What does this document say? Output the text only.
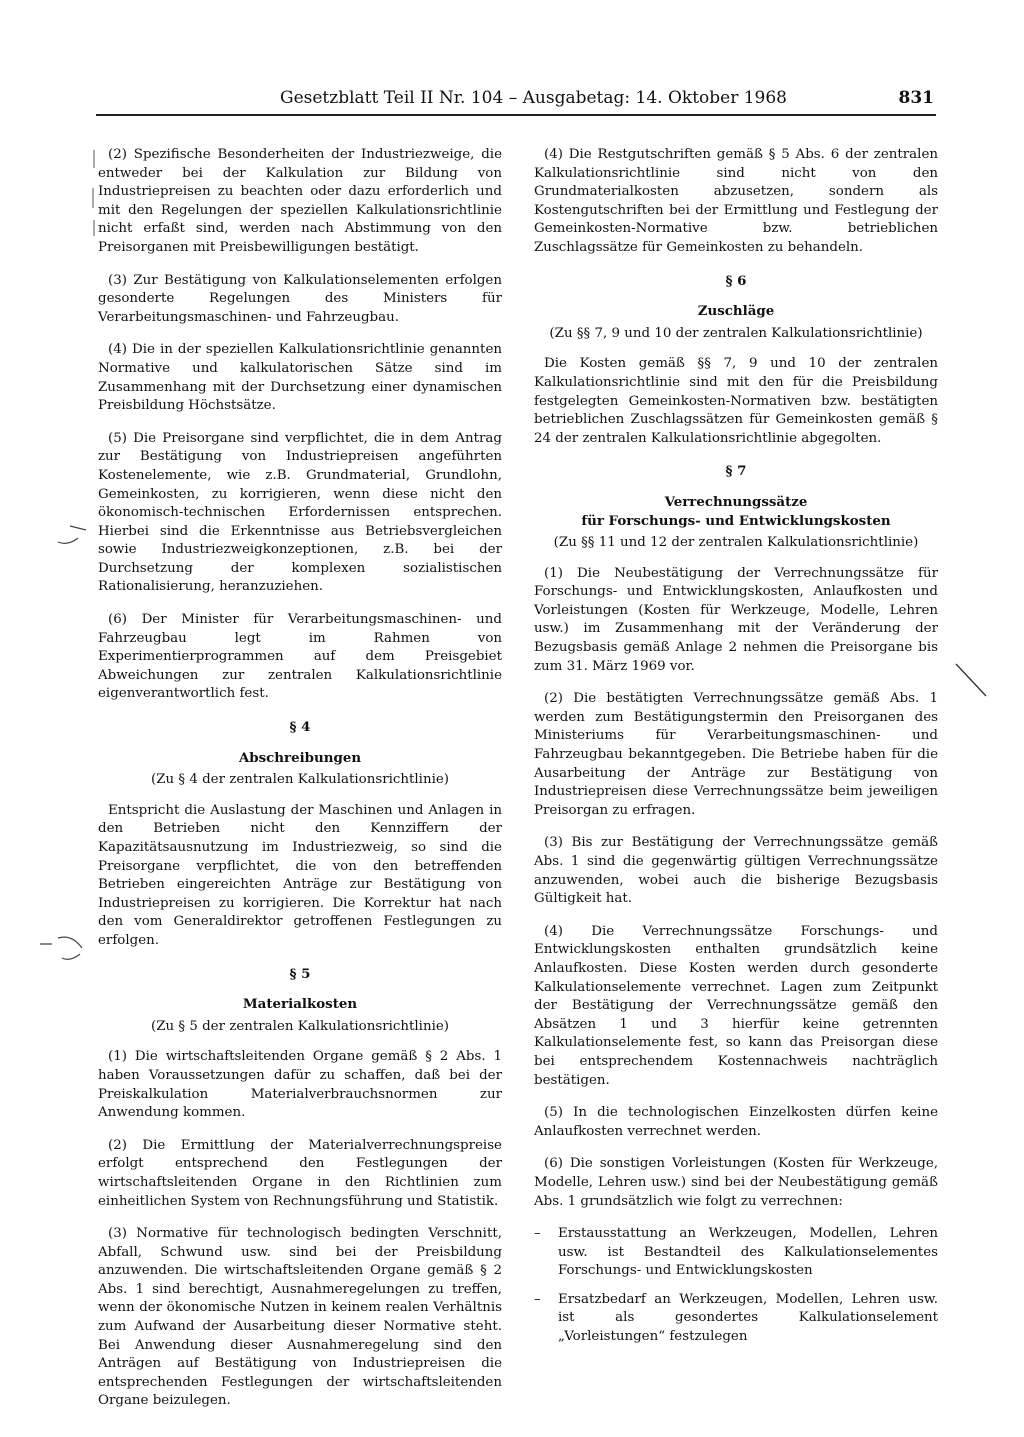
Gesetzblatt Teil II Nr. 104 – Ausgabetag: 14. Oktober 1968	831

(2) Spezifische Besonderheiten der Industriezweige, die entweder bei der Kalkulation zur Bildung von Industriepreisen zu beachten oder dazu erforderlich und mit den Regelungen der speziellen Kalkulationsrichtlinie nicht erfaßt sind, werden nach Abstimmung von den Preisorganen mit Preisbewilligungen bestätigt.

(3) Zur Bestätigung von Kalkulationselementen erfolgen gesonderte Regelungen des Ministers für Verarbeitungsmaschinen- und Fahrzeugbau.

(4) Die in der speziellen Kalkulationsrichtlinie genannten Normative und kalkulatorischen Sätze sind im Zusammenhang mit der Durchsetzung einer dynamischen Preisbildung Höchstsätze.

(5) Die Preisorgane sind verpflichtet, die in dem Antrag zur Bestätigung von Industriepreisen angeführten Kostenelemente, wie z.B. Grundmaterial, Grundlohn, Gemeinkosten, zu korrigieren, wenn diese nicht den ökonomisch-technischen Erfordernissen entsprechen. Hierbei sind die Erkenntnisse aus Betriebsvergleichen sowie Industriezweigkonzeptionen, z.B. bei der Durchsetzung der komplexen sozialistischen Rationalisierung, heranzuziehen.

(6) Der Minister für Verarbeitungsmaschinen- und Fahrzeugbau legt im Rahmen von Experimentierprogrammen auf dem Preisgebiet Abweichungen zur zentralen Kalkulationsrichtlinie eigenverantwortlich fest.

§ 4

Abschreibungen

(Zu § 4 der zentralen Kalkulationsrichtlinie)

Entspricht die Auslastung der Maschinen und Anlagen in den Betrieben nicht den Kennziffern der Kapazitätsausnutzung im Industriezweig, so sind die Preisorgane verpflichtet, die von den betreffenden Betrieben eingereichten Anträge zur Bestätigung von Industriepreisen zu korrigieren. Die Korrektur hat nach den vom Generaldirektor getroffenen Festlegungen zu erfolgen.

§ 5

Materialkosten

(Zu § 5 der zentralen Kalkulationsrichtlinie)

(1) Die wirtschaftsleitenden Organe gemäß § 2 Abs. 1 haben Voraussetzungen dafür zu schaffen, daß bei der Preiskalkulation Materialverbrauchsnormen zur Anwendung kommen.

(2) Die Ermittlung der Materialverrechnungspreise erfolgt entsprechend den Festlegungen der wirtschaftsleitenden Organe in den Richtlinien zum einheitlichen System von Rechnungsführung und Statistik.

(3) Normative für technologisch bedingten Verschnitt, Abfall, Schwund usw. sind bei der Preisbildung anzuwenden. Die wirtschaftsleitenden Organe gemäß § 2 Abs. 1 sind berechtigt, Ausnahmeregelungen zu treffen, wenn der ökonomische Nutzen in keinem realen Verhältnis zum Aufwand der Ausarbeitung dieser Normative steht. Bei Anwendung dieser Ausnahmeregelung sind den Anträgen auf Bestätigung von Industriepreisen die entsprechenden Festlegungen der wirtschaftsleitenden Organe beizulegen.

(4) Die Restgutschriften gemäß § 5 Abs. 6 der zentralen Kalkulationsrichtlinie sind nicht von den Grundmaterialkosten abzusetzen, sondern als Kostengutschriften bei der Ermittlung und Festlegung der Gemeinkosten-Normative bzw. betrieblichen Zuschlagssätze für Gemeinkosten zu behandeln.

§ 6

Zuschläge

(Zu §§ 7, 9 und 10 der zentralen Kalkulationsrichtlinie)

Die Kosten gemäß §§ 7, 9 und 10 der zentralen Kalkulationsrichtlinie sind mit den für die Preisbildung festgelegten Gemeinkosten-Normativen bzw. bestätigten betrieblichen Zuschlagssätzen für Gemeinkosten gemäß § 24 der zentralen Kalkulationsrichtlinie abgegolten.

§ 7

Verrechnungssätze

für Forschungs- und Entwicklungskosten

(Zu §§ 11 und 12 der zentralen Kalkulationsrichtlinie)

(1) Die Neubestätigung der Verrechnungssätze für Forschungs- und Entwicklungskosten, Anlaufkosten und Vorleistungen (Kosten für Werkzeuge, Modelle, Lehren usw.) im Zusammenhang mit der Veränderung der Bezugsbasis gemäß Anlage 2 nehmen die Preisorgane bis zum 31. März 1969 vor.

(2) Die bestätigten Verrechnungssätze gemäß Abs. 1 werden zum Bestätigungstermin den Preisorganen des Ministeriums für Verarbeitungsmaschinen- und Fahrzeugbau bekanntgegeben. Die Betriebe haben für die Ausarbeitung der Anträge zur Bestätigung von Industriepreisen diese Verrechnungssätze beim jeweiligen Preisorgan zu erfragen.

(3) Bis zur Bestätigung der Verrechnungssätze gemäß Abs. 1 sind die gegenwärtig gültigen Verrechnungssätze anzuwenden, wobei auch die bisherige Bezugsbasis Gültigkeit hat.

(4) Die Verrechnungssätze Forschungs- und Entwicklungskosten enthalten grundsätzlich keine Anlaufkosten. Diese Kosten werden durch gesonderte Kalkulationselemente verrechnet. Lagen zum Zeitpunkt der Bestätigung der Verrechnungssätze gemäß den Absätzen 1 und 3 hierfür keine getrennten Kalkulationselemente fest, so kann das Preisorgan diese bei entsprechendem Kostennachweis nachträglich bestätigen.

(5) In die technologischen Einzelkosten dürfen keine Anlaufkosten verrechnet werden.

(6) Die sonstigen Vorleistungen (Kosten für Werkzeuge, Modelle, Lehren usw.) sind bei der Neubestätigung gemäß Abs. 1 grundsätzlich wie folgt zu verrechnen:

– Erstausstattung an Werkzeugen, Modellen, Lehren usw. ist Bestandteil des Kalkulationselementes Forschungs- und Entwicklungskosten
– Ersatzbedarf an Werkzeugen, Modellen, Lehren usw. ist als gesondertes Kalkulationselement „Vorleistungen“ festzulegen
